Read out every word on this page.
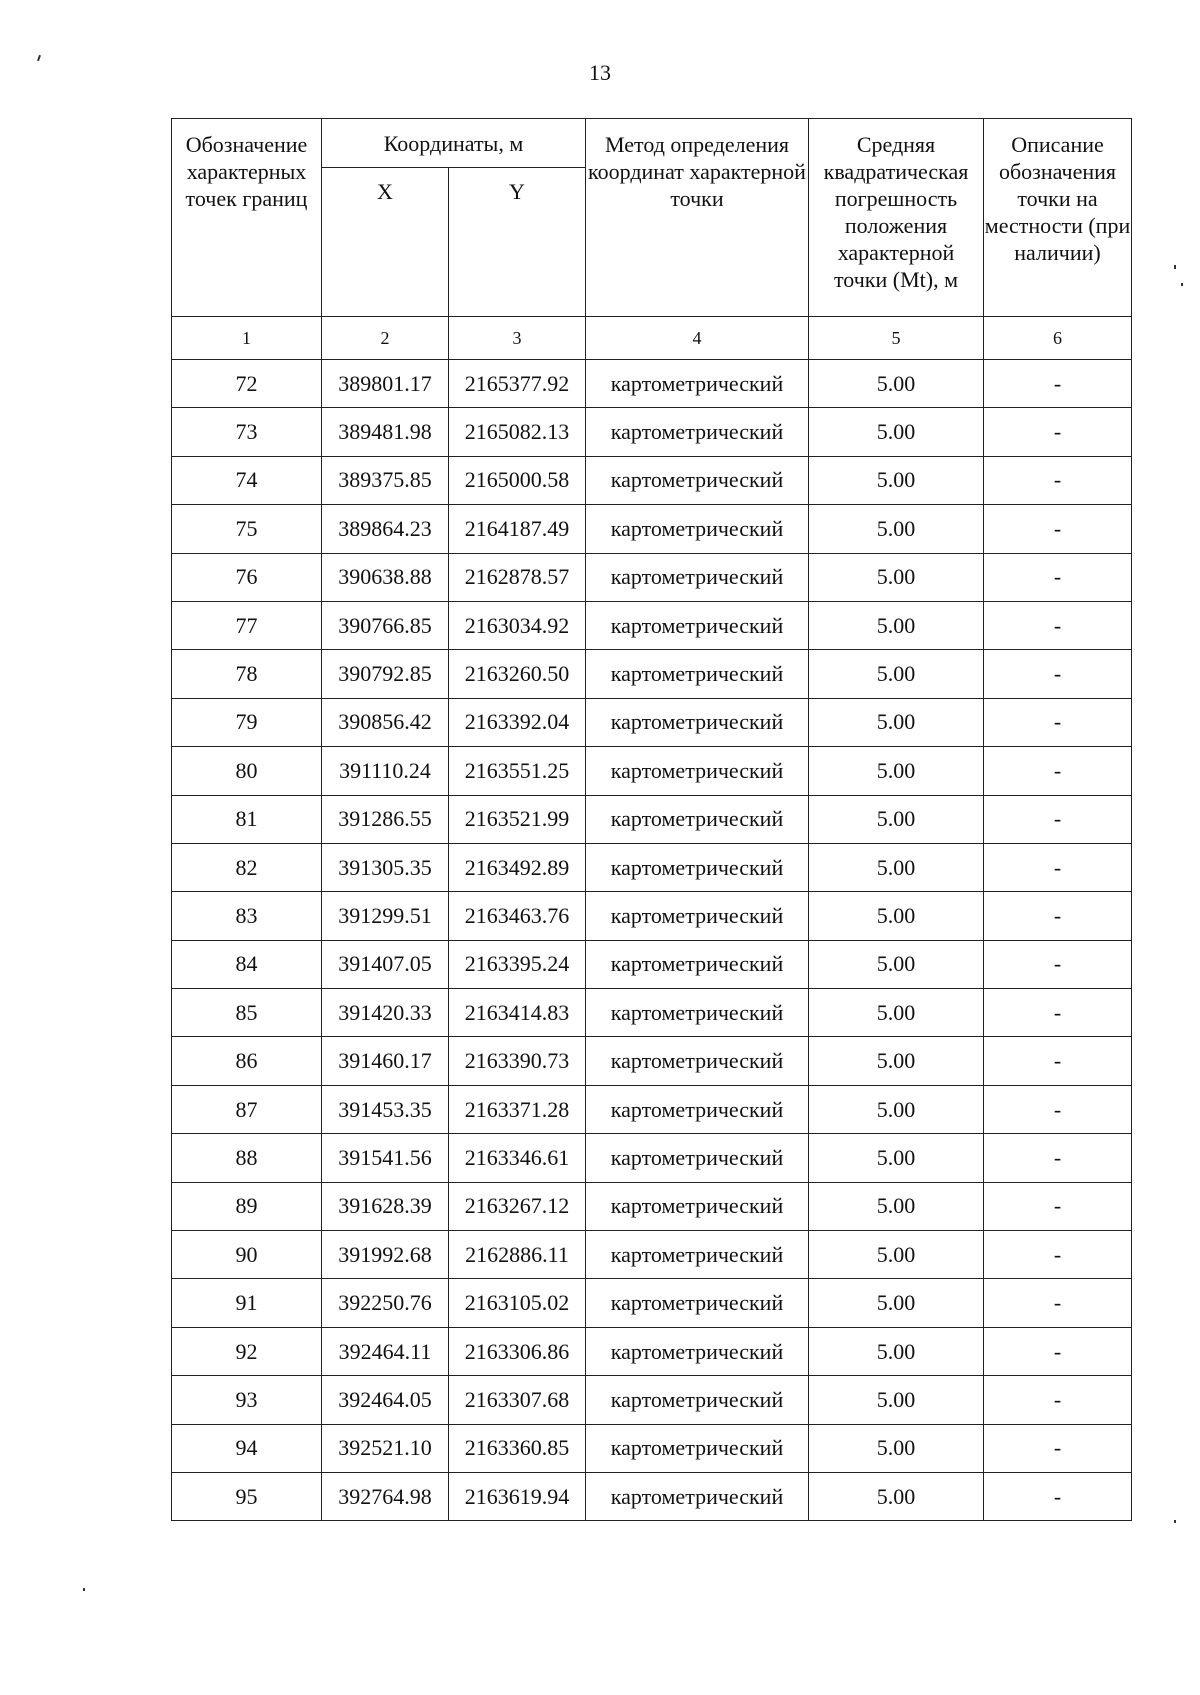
13
Обозначение характерных точек границ	Координаты, м		Метод определения координат характерной точки	Средняя квадратическая погрешность положения характерной точки (Mt), м	Описание обозначения точки на местности (при наличии)
	X	Y			
1	2	3	4	5	6
72	389801.17	2165377.92	картометрический	5.00	-
73	389481.98	2165082.13	картометрический	5.00	-
74	389375.85	2165000.58	картометрический	5.00	-
75	389864.23	2164187.49	картометрический	5.00	-
76	390638.88	2162878.57	картометрический	5.00	-
77	390766.85	2163034.92	картометрический	5.00	-
78	390792.85	2163260.50	картометрический	5.00	-
79	390856.42	2163392.04	картометрический	5.00	-
80	391110.24	2163551.25	картометрический	5.00	-
81	391286.55	2163521.99	картометрический	5.00	-
82	391305.35	2163492.89	картометрический	5.00	-
83	391299.51	2163463.76	картометрический	5.00	-
84	391407.05	2163395.24	картометрический	5.00	-
85	391420.33	2163414.83	картометрический	5.00	-
86	391460.17	2163390.73	картометрический	5.00	-
87	391453.35	2163371.28	картометрический	5.00	-
88	391541.56	2163346.61	картометрический	5.00	-
89	391628.39	2163267.12	картометрический	5.00	-
90	391992.68	2162886.11	картометрический	5.00	-
91	392250.76	2163105.02	картометрический	5.00	-
92	392464.11	2163306.86	картометрический	5.00	-
93	392464.05	2163307.68	картометрический	5.00	-
94	392521.10	2163360.85	картометрический	5.00	-
95	392764.98	2163619.94	картометрический	5.00	-
